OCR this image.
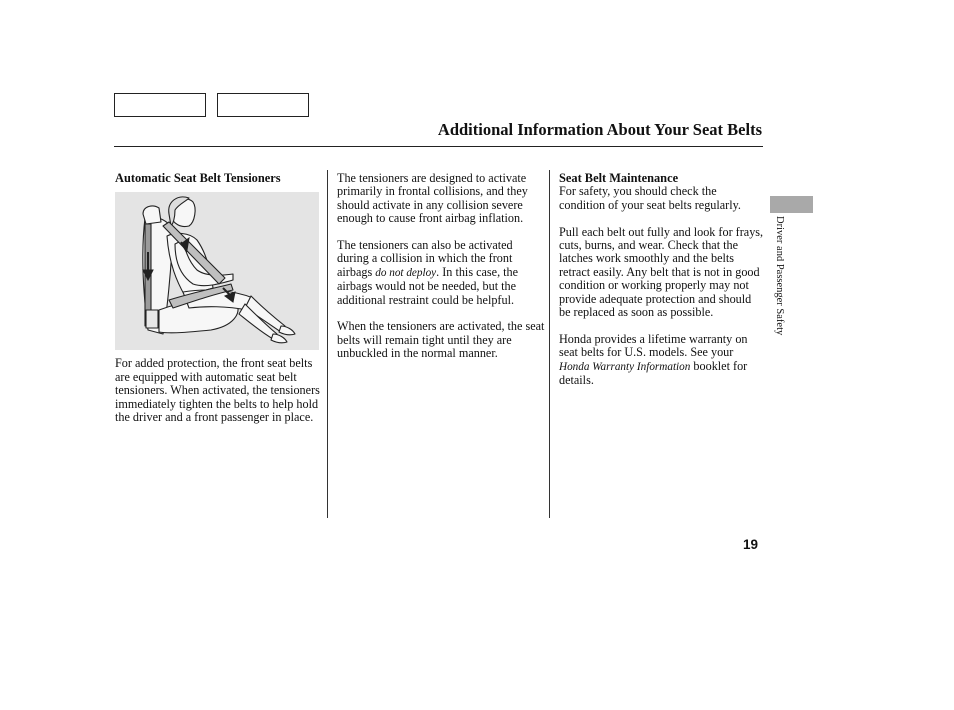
Additional Information About Your Seat Belts
Automatic Seat Belt Tensioners

For added protection, the front seat belts are equipped with automatic seat belt tensioners. When activated, the tensioners immediately tighten the belts to help hold the driver and a front passenger in place.

The tensioners are designed to activate primarily in frontal collisions, and they should activate in any collision severe enough to cause front airbag inflation.

The tensioners can also be activated during a collision in which the front airbags do not deploy. In this case, the airbags would not be needed, but the additional restraint could be helpful.

When the tensioners are activated, the seat belts will remain tight until they are unbuckled in the normal manner.

Seat Belt Maintenance

For safety, you should check the condition of your seat belts regularly.

Pull each belt out fully and look for frays, cuts, burns, and wear. Check that the latches work smoothly and the belts retract easily. Any belt that is not in good condition or working properly may not provide adequate protection and should be replaced as soon as possible.

Honda provides a lifetime warranty on seat belts for U.S. models. See your Honda Warranty Information booklet for details.

Driver and Passenger Safety
19
